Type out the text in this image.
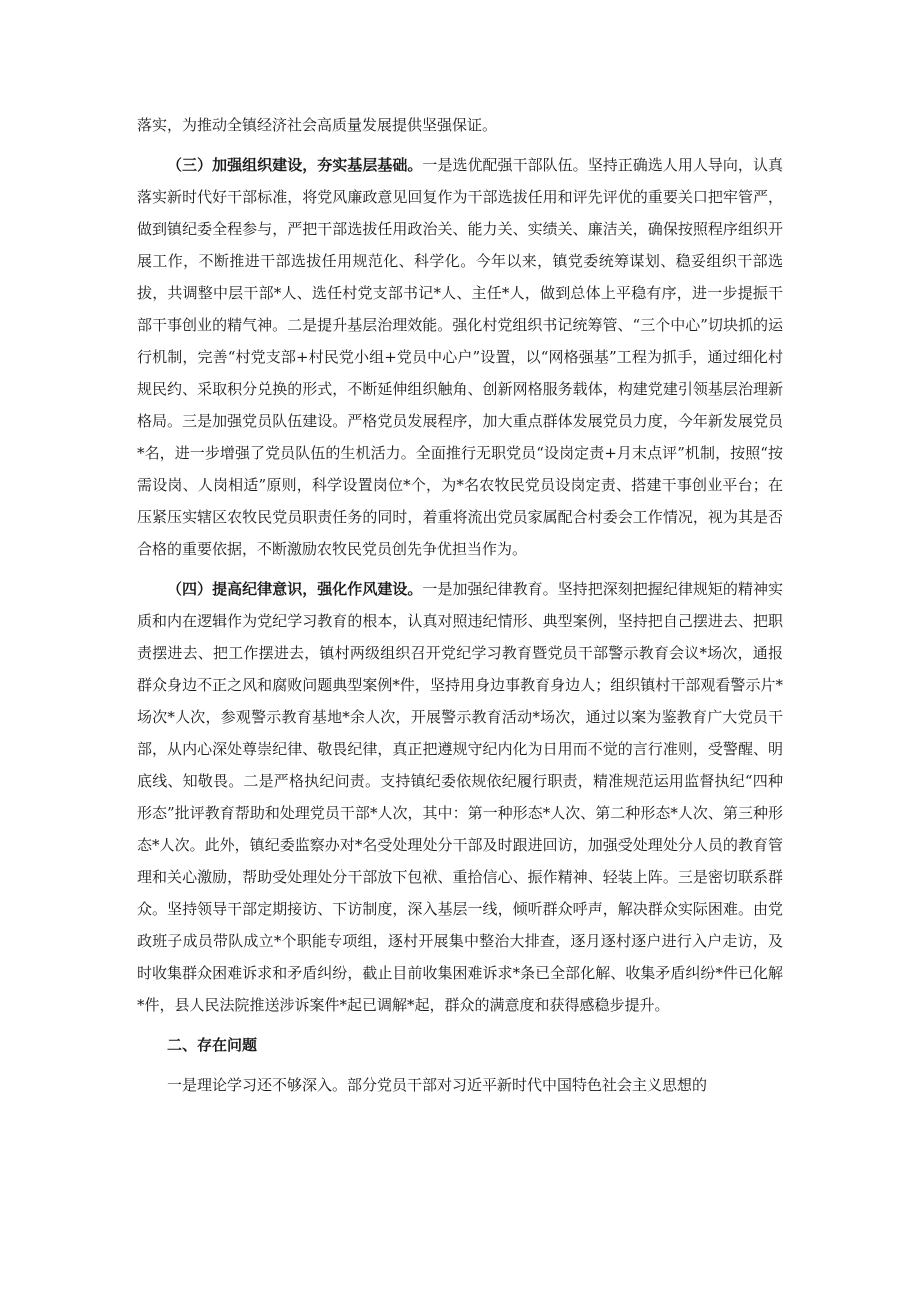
落实，为推动全镇经济社会高质量发展提供坚强保证。

（三）加强组织建设，夯实基层基础。一是选优配强干部队伍。坚持正确选人用人导向，认真落实新时代好干部标准，将党风廉政意见回复作为干部选拔任用和评先评优的重要关口把牢管严，做到镇纪委全程参与，严把干部选拔任用政治关、能力关、实绩关、廉洁关，确保按照程序组织开展工作，不断推进干部选拔任用规范化、科学化。今年以来，镇党委统筹谋划、稳妥组织干部选拔，共调整中层干部*人、选任村党支部书记*人、主任*人，做到总体上平稳有序，进一步提振干部干事创业的精气神。二是提升基层治理效能。强化村党组织书记统筹管、“三个中心”切块抓的运行机制，完善“村党支部+村民党小组+党员中心户”设置，以“网格强基”工程为抓手，通过细化村规民约、采取积分兑换的形式，不断延伸组织触角、创新网格服务载体，构建党建引领基层治理新格局。三是加强党员队伍建设。严格党员发展程序，加大重点群体发展党员力度，今年新发展党员*名，进一步增强了党员队伍的生机活力。全面推行无职党员“设岗定责+月末点评”机制，按照“按需设岗、人岗相适”原则，科学设置岗位*个，为*名农牧民党员设岗定责、搭建干事创业平台；在压紧压实辖区农牧民党员职责任务的同时，着重将流出党员家属配合村委会工作情况，视为其是否合格的重要依据，不断激励农牧民党员创先争优担当作为。

（四）提高纪律意识，强化作风建设。一是加强纪律教育。坚持把深刻把握纪律规矩的精神实质和内在逻辑作为党纪学习教育的根本，认真对照违纪情形、典型案例，坚持把自己摆进去、把职责摆进去、把工作摆进去，镇村两级组织召开党纪学习教育暨党员干部警示教育会议*场次，通报群众身边不正之风和腐败问题典型案例*件，坚持用身边事教育身边人；组织镇村干部观看警示片*场次*人次，参观警示教育基地*余人次，开展警示教育活动*场次，通过以案为鉴教育广大党员干部，从内心深处尊崇纪律、敬畏纪律，真正把遵规守纪内化为日用而不觉的言行准则，受警醒、明底线、知敬畏。二是严格执纪问责。支持镇纪委依规依纪履行职责，精准规范运用监督执纪“四种形态”批评教育帮助和处理党员干部*人次，其中：第一种形态*人次、第二种形态*人次、第三种形态*人次。此外，镇纪委监察办对*名受处理处分干部及时跟进回访，加强受处理处分人员的教育管理和关心激励，帮助受处理处分干部放下包袱、重拾信心、振作精神、轻装上阵。三是密切联系群众。坚持领导干部定期接访、下访制度，深入基层一线，倾听群众呼声，解决群众实际困难。由党政班子成员带队成立*个职能专项组，逐村开展集中整治大排查，逐月逐村逐户进行入户走访，及时收集群众困难诉求和矛盾纠纷，截止目前收集困难诉求*条已全部化解、收集矛盾纠纷*件已化解*件，县人民法院推送涉诉案件*起已调解*起，群众的满意度和获得感稳步提升。

二、存在问题

一是理论学习还不够深入。部分党员干部对习近平新时代中国特色社会主义思想的
